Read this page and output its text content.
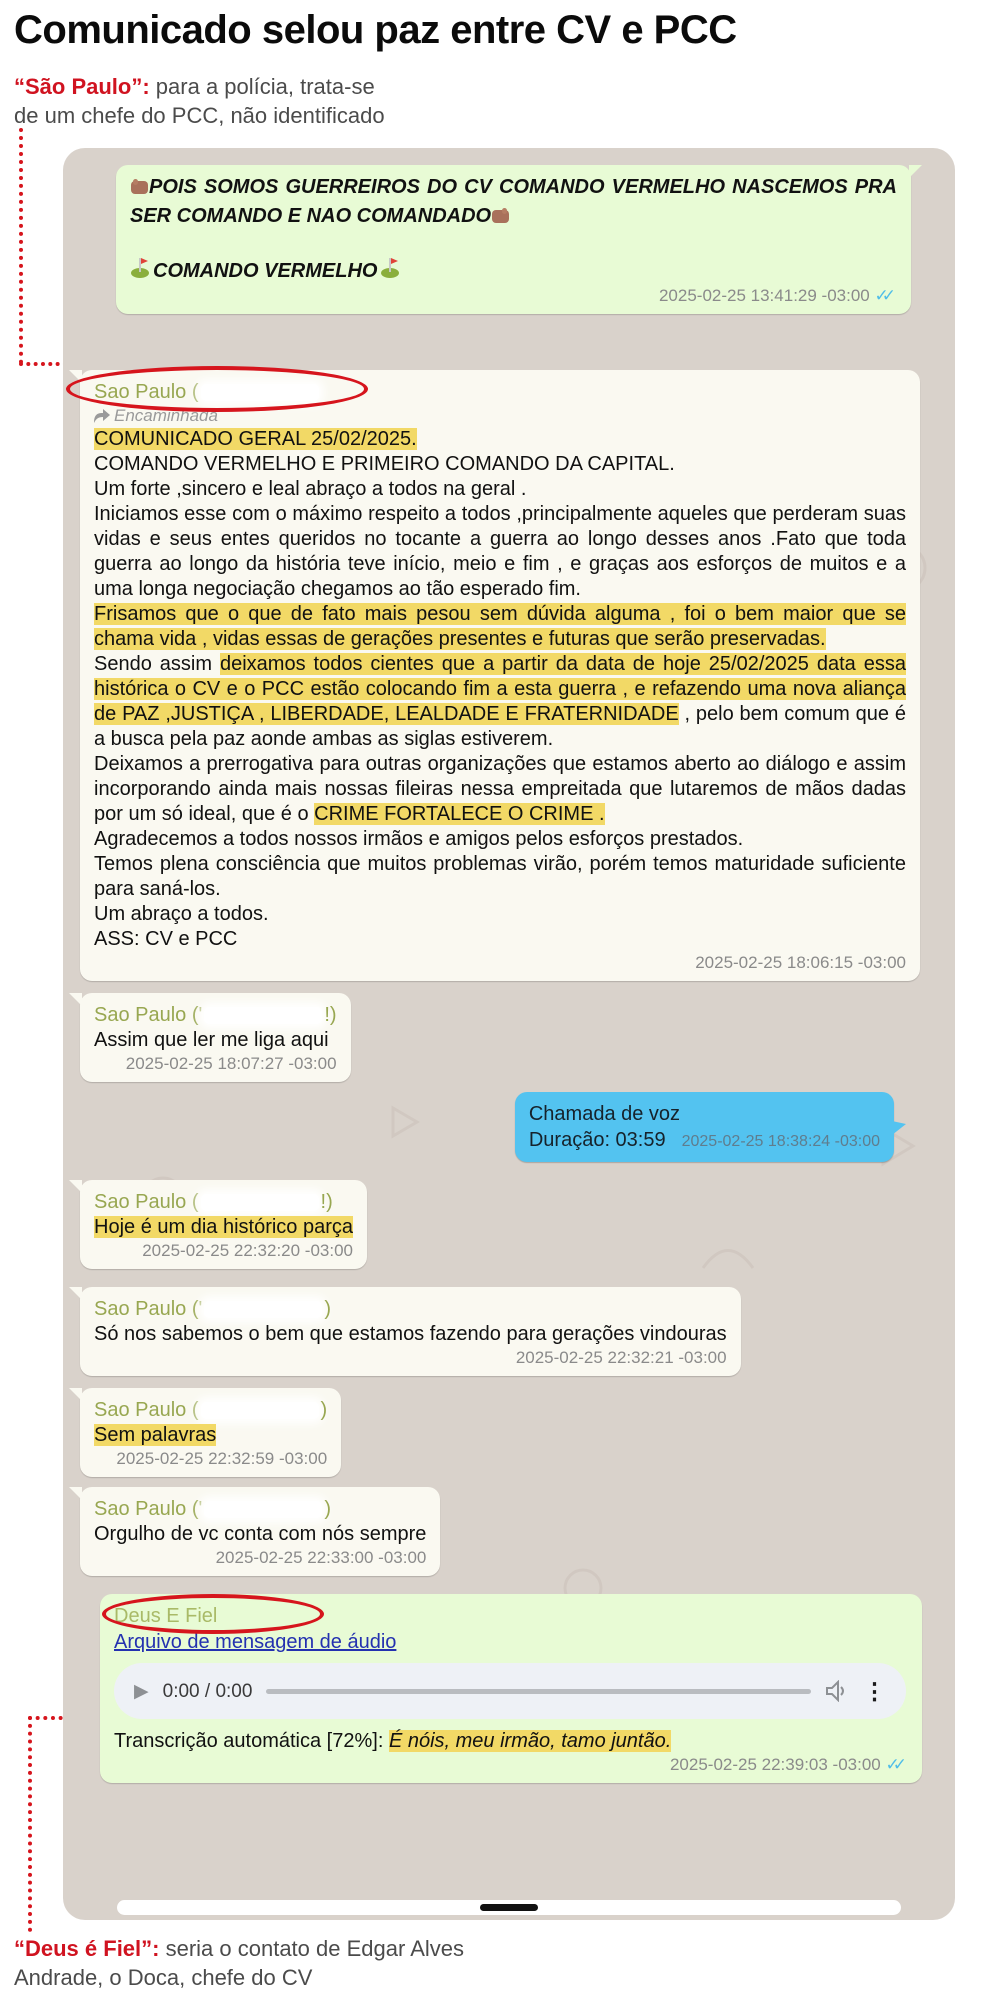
Comunicado selou paz entre CV e PCC
“São Paulo”: para a polícia, trata-se
de um chefe do PCC, não identificado
POIS SOMOS GUERREIROS DO CV COMANDO VERMELHO NASCEMOS PRA SER COMANDO E NAO COMANDADO
COMANDO VERMELHO
2025-02-25 13:41:29 -03:00 ✓✓
Sao Paulo (
Encaminhada
COMUNICADO GERAL 25/02/2025.
COMANDO VERMELHO E PRIMEIRO COMANDO DA CAPITAL.
Um forte ,sincero e leal abraço a todos na geral .
Iniciamos esse com o máximo respeito a todos ,principalmente aqueles que perderam suas vidas e seus entes queridos no tocante a guerra ao longo desses anos .Fato que toda guerra ao longo da história teve início, meio e fim , e graças aos esforços de muitos e a uma longa negociação chegamos ao tão esperado fim.
Frisamos que o que de fato mais pesou sem dúvida alguma , foi o bem maior que se chama vida , vidas essas de gerações presentes e futuras que serão preservadas.
Sendo assim deixamos todos cientes que a partir da data de hoje 25/02/2025 data essa histórica o CV e o PCC estão colocando fim a esta guerra , e refazendo uma nova aliança de PAZ ,JUSTIÇA , LIBERDADE, LEALDADE E FRATERNIDADE , pelo bem comum que é a busca pela paz aonde ambas as siglas estiverem.
Deixamos a prerrogativa para outras organizações que estamos aberto ao diálogo e assim incorporando ainda mais nossas fileiras nessa empreitada que lutaremos de mãos dadas por um só ideal, que é o CRIME FORTALECE O CRIME .
Agradecemos a todos nossos irmãos e amigos pelos esforços prestados.
Temos plena consciência que muitos problemas virão, porém temos maturidade suficiente para saná-los.
Um abraço a todos.
ASS: CV e PCC
2025-02-25 18:06:15 -03:00
Sao Paulo ('	!)
Assim que ler me liga aqui
2025-02-25 18:07:27 -03:00
Chamada de voz
Duração: 03:59 2025-02-25 18:38:24 -03:00
Sao Paulo (	!)
Hoje é um dia histórico parça
2025-02-25 22:32:20 -03:00
Sao Paulo ('	)
Só nos sabemos o bem que estamos fazendo para gerações vindouras
2025-02-25 22:32:21 -03:00
Sao Paulo (	)
Sem palavras
2025-02-25 22:32:59 -03:00
Sao Paulo ('	)
Orgulho de vc conta com nós sempre
2025-02-25 22:33:00 -03:00
Deus E Fiel
Arquivo de mensagem de áudio
▶ 0:00 / 0:00	⋮
Transcrição automática [72%]: É nóis, meu irmão, tamo juntão.
2025-02-25 22:39:03 -03:00 ✓✓
“Deus é Fiel”: seria o contato de Edgar Alves
Andrade, o Doca, chefe do CV
